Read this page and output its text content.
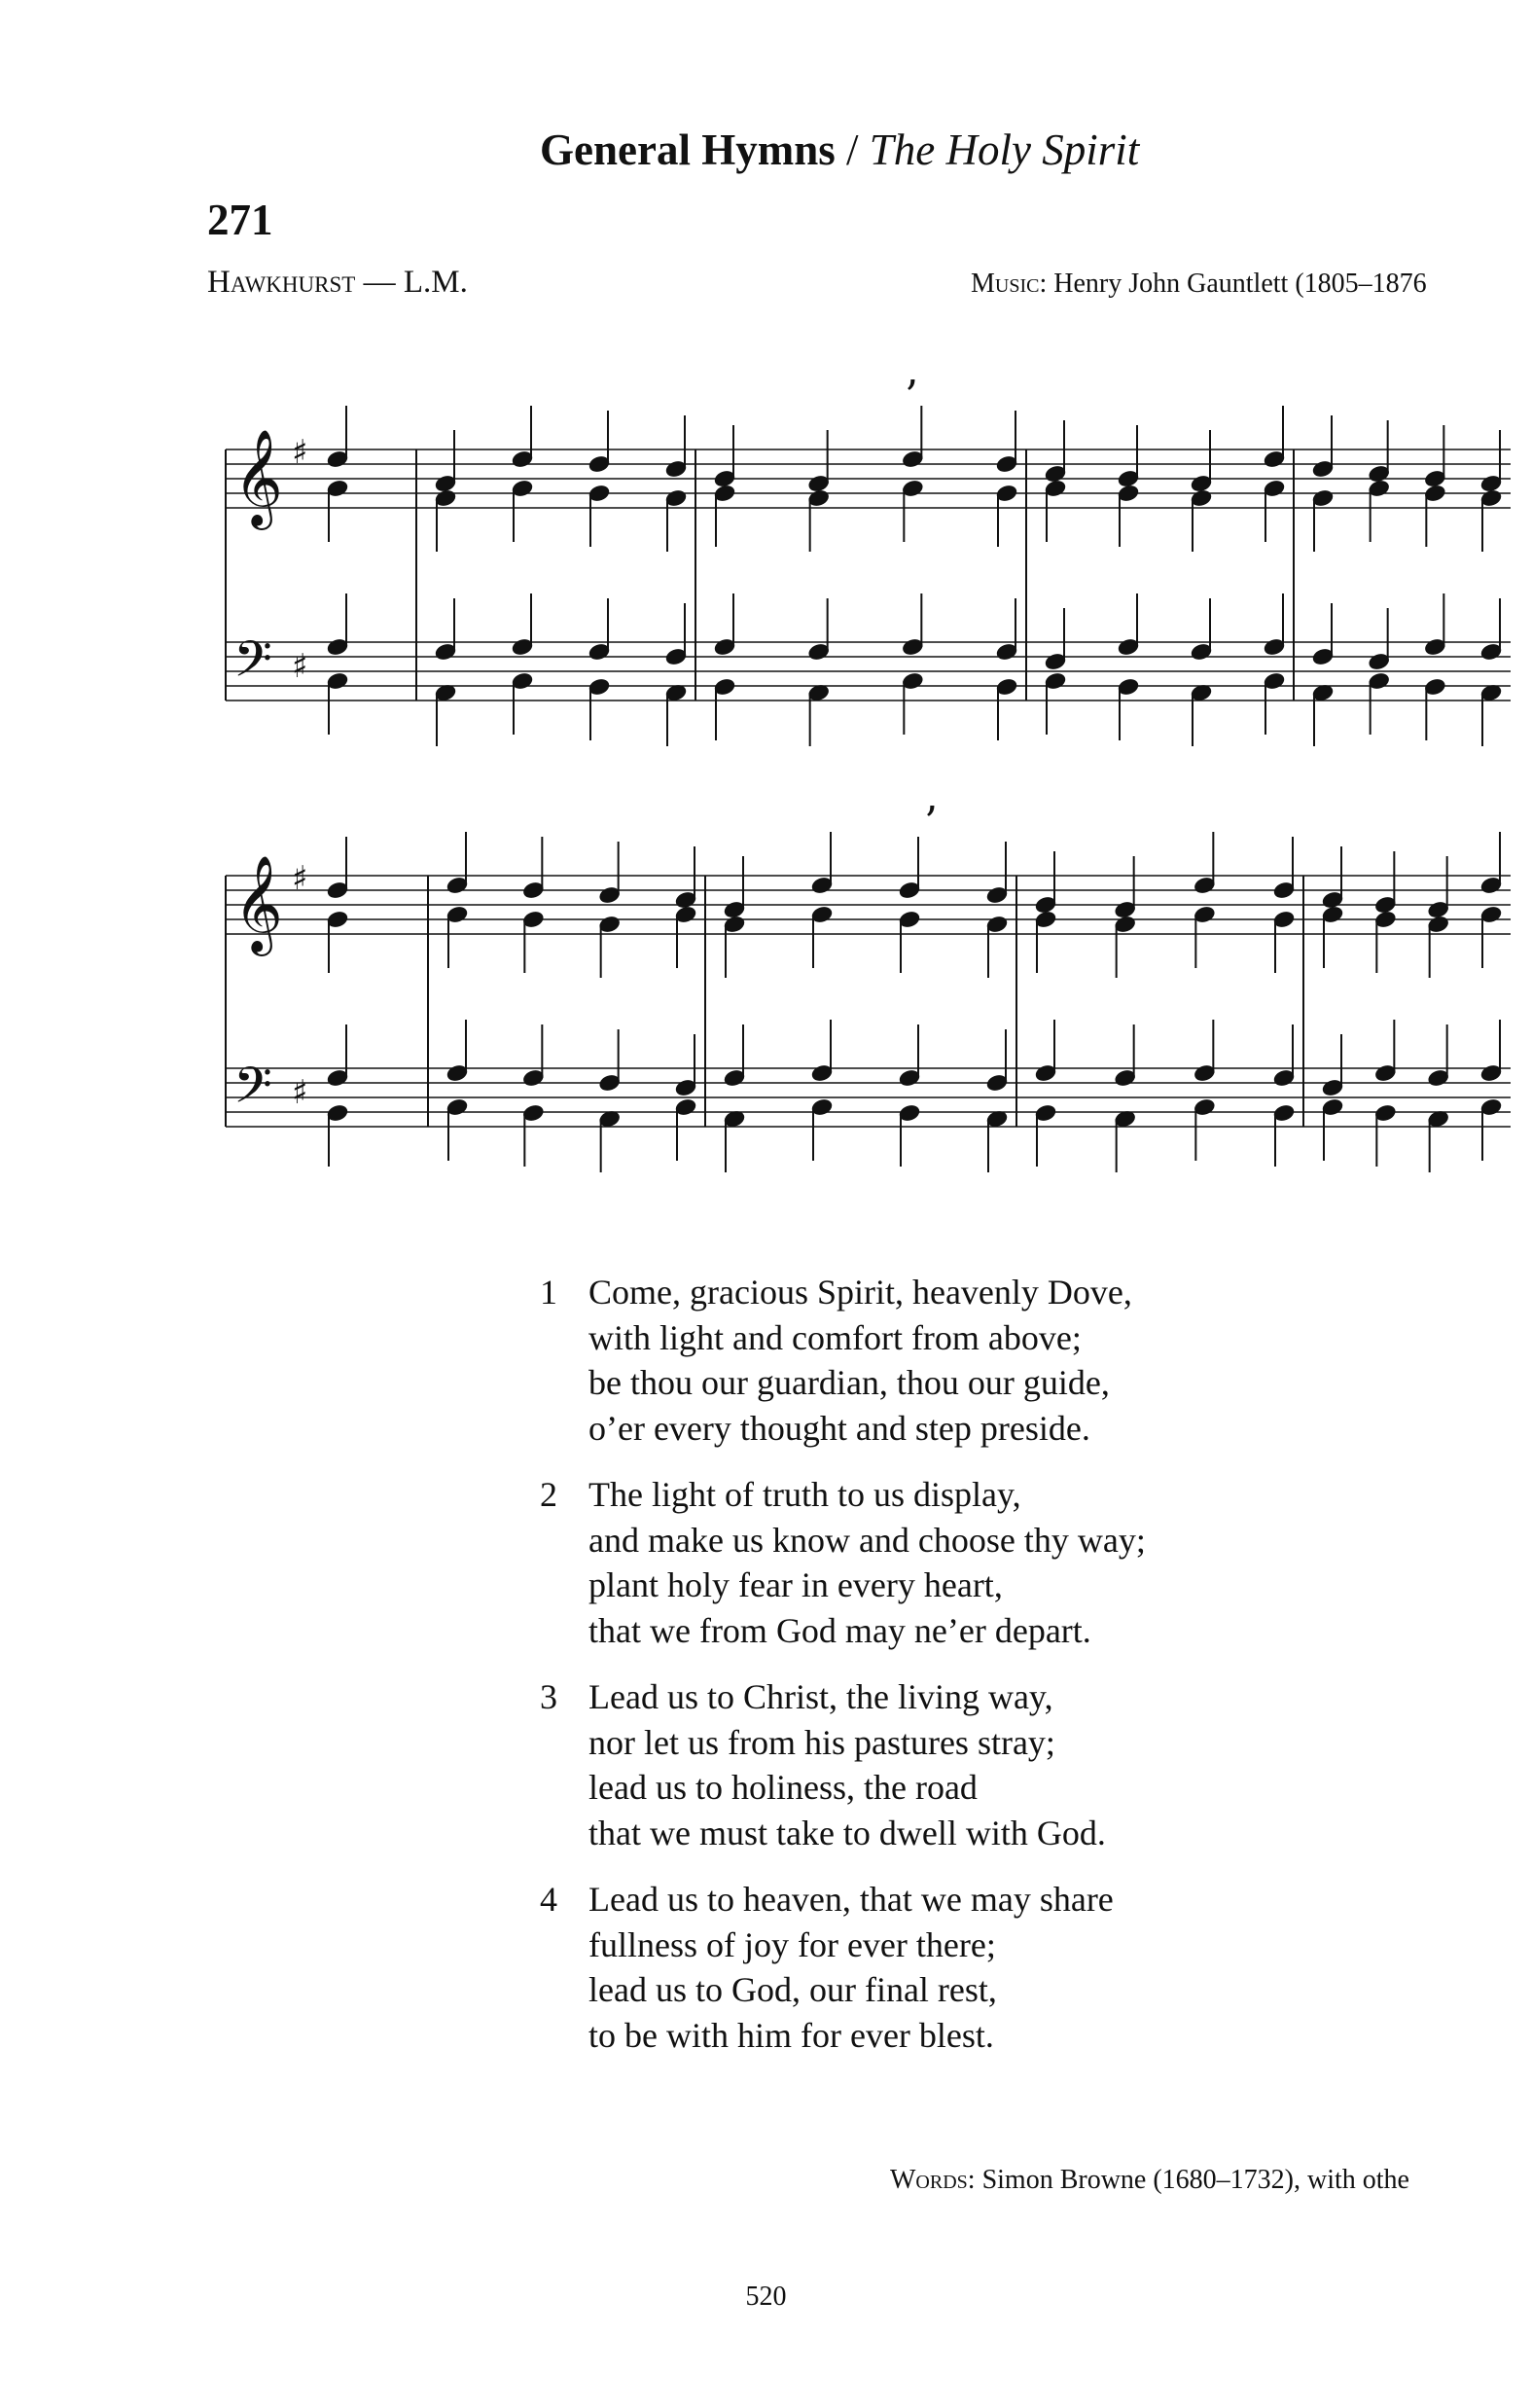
General Hymns / The Holy Spirit
271
Hawkhurst — L.M.	Music: Henry John Gauntlett (1805–1876
𝄞 ♯
𝄢 ♯
’
𝄞 ♯
𝄢 ♯
’
1 Come, gracious Spirit, heavenly Dove,
with light and comfort from above;
be thou our guardian, thou our guide,
o’er every thought and step preside.
2 The light of truth to us display,
and make us know and choose thy way;
plant holy fear in every heart,
that we from God may ne’er depart.
3 Lead us to Christ, the living way,
nor let us from his pastures stray;
lead us to holiness, the road
that we must take to dwell with God.
4 Lead us to heaven, that we may share
fullness of joy for ever there;
lead us to God, our final rest,
to be with him for ever blest.
Words: Simon Browne (1680–1732), with othe
520
